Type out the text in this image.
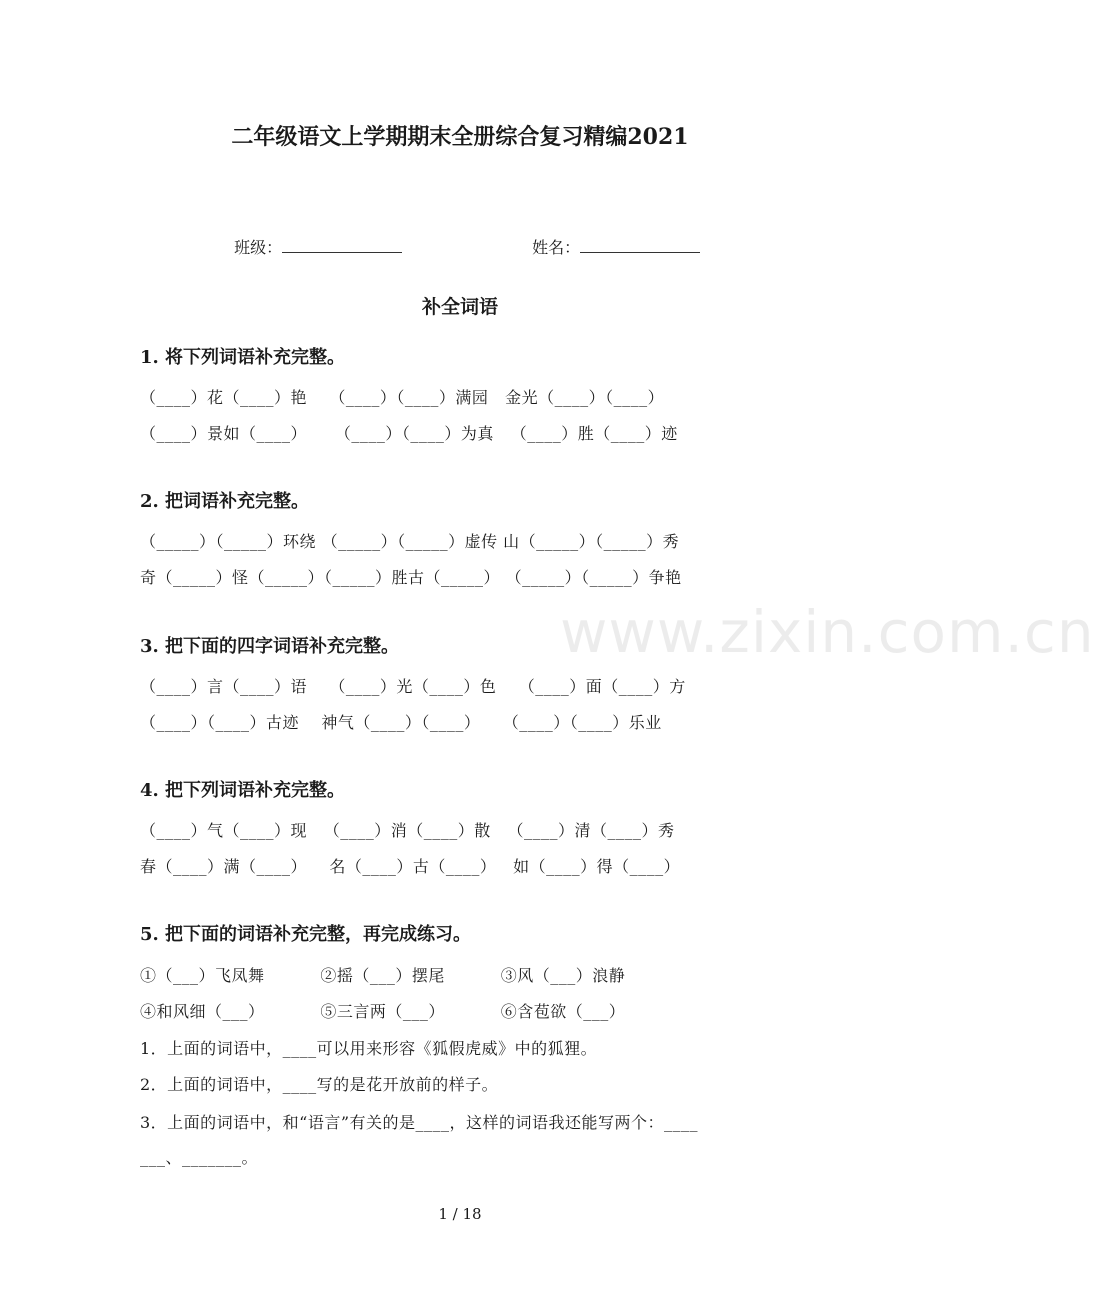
二年级语文上学期期末全册综合复习精编2021

班级：	姓名：

补全词语
www.zixin.com.cn
1. 将下列词语补充完整。
（____）花（____）艳    （____）（____）满园   金光（____）（____）
（____）景如（____）     （____）（____）为真   （____）胜（____）迹
2. 把词语补充完整。
（_____）（_____）环绕 （_____）（_____）虚传 山（_____）（_____）秀
奇（_____）怪（_____）（_____）胜古（_____） （_____）（_____）争艳
3. 把下面的四字词语补充完整。
（____）言（____）语    （____）光（____）色    （____）面（____）方
（____）（____）古迹    神气（____）（____）    （____）（____）乐业
4. 把下列词语补充完整。
（____）气（____）现   （____）消（____）散   （____）清（____）秀
春（____）满（____）    名（____）古（____）   如（____）得（____）
5. 把下面的词语补充完整，再完成练习。
①（___）飞凤舞          ②摇（___）摆尾          ③风（___）浪静
④和风细（___）          ⑤三言两（___）          ⑥含苞欲（___）
1．上面的词语中，____可以用来形容《狐假虎威》中的狐狸。
2．上面的词语中，____写的是花开放前的样子。
3．上面的词语中，和“语言”有关的是____，这样的词语我还能写两个：____
___、_______。
1 / 18
